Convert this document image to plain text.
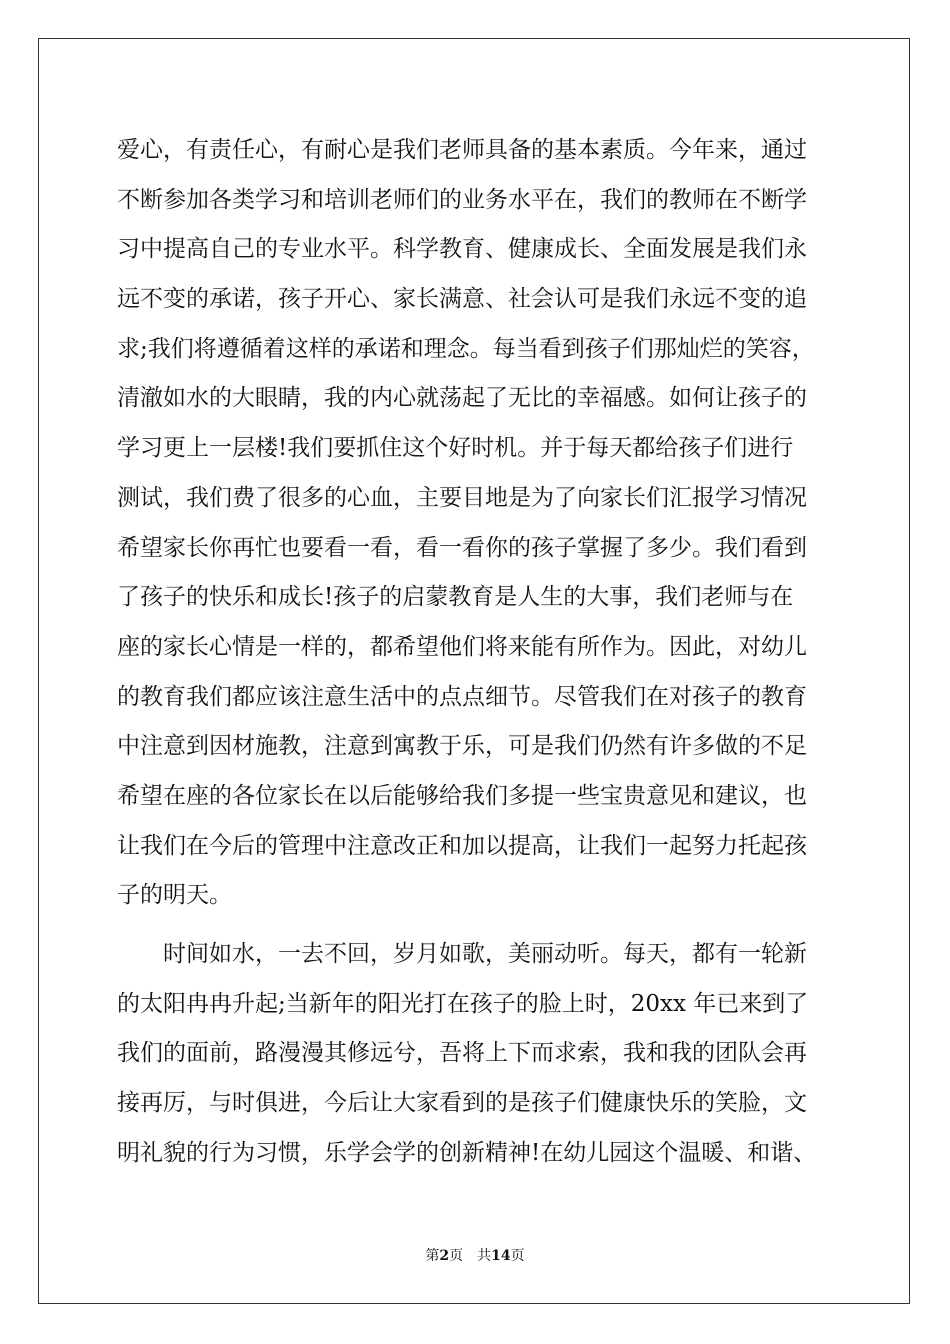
爱心，有责任心，有耐心是我们老师具备的基本素质。今年来，通过
不断参加各类学习和培训老师们的业务水平在，我们的教师在不断学
习中提高自己的专业水平。科学教育、健康成长、全面发展是我们永
远不变的承诺，孩子开心、家长满意、社会认可是我们永远不变的追
求;我们将遵循着这样的承诺和理念。每当看到孩子们那灿烂的笑容，
清澈如水的大眼睛，我的内心就荡起了无比的幸福感。如何让孩子的
学习更上一层楼!我们要抓住这个好时机。并于每天都给孩子们进行
测试，我们费了很多的心血，主要目地是为了向家长们汇报学习情况
希望家长你再忙也要看一看，看一看你的孩子掌握了多少。我们看到
了孩子的快乐和成长!孩子的启蒙教育是人生的大事，我们老师与在
座的家长心情是一样的，都希望他们将来能有所作为。因此，对幼儿
的教育我们都应该注意生活中的点点细节。尽管我们在对孩子的教育
中注意到因材施教，注意到寓教于乐，可是我们仍然有许多做的不足
希望在座的各位家长在以后能够给我们多提一些宝贵意见和建议，也
让我们在今后的管理中注意改正和加以提高，让我们一起努力托起孩
子的明天。
时间如水，一去不回，岁月如歌，美丽动听。每天，都有一轮新
的太阳冉冉升起;当新年的阳光打在孩子的脸上时，20xx 年已来到了
我们的面前，路漫漫其修远兮，吾将上下而求索，我和我的团队会再
接再厉，与时俱进，今后让大家看到的是孩子们健康快乐的笑脸，文
明礼貌的行为习惯，乐学会学的创新精神!在幼儿园这个温暖、和谐、
第2页 共14页
